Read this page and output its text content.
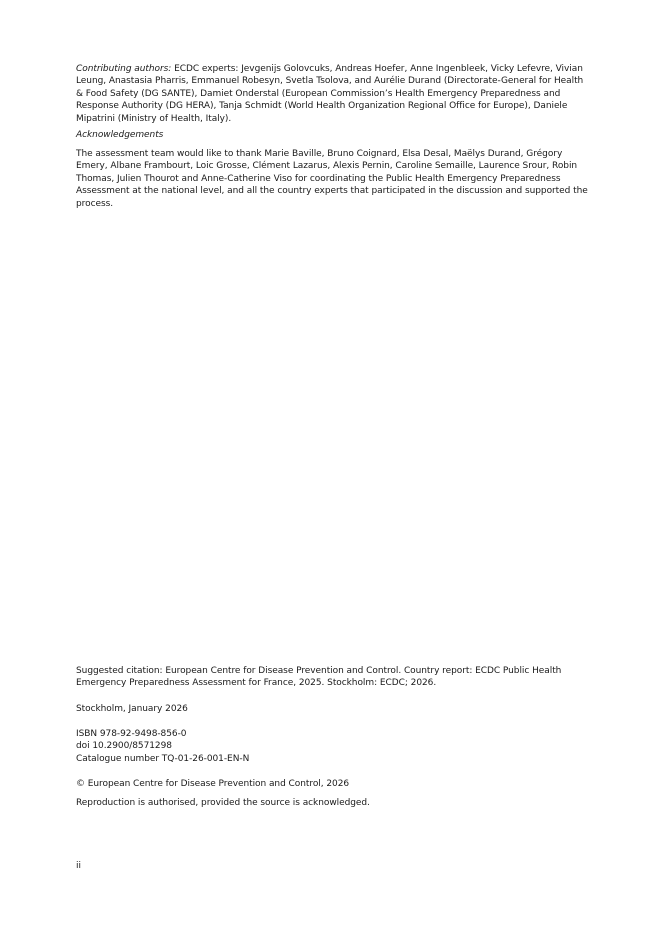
Contributing authors: ECDC experts: Jevgenijs Golovcuks, Andreas Hoefer, Anne Ingenbleek, Vicky Lefevre, Vivian Leung, Anastasia Pharris, Emmanuel Robesyn, Svetla Tsolova, and Aurélie Durand (Directorate-General for Health & Food Safety (DG SANTE), Damiet Onderstal (European Commission’s Health Emergency Preparedness and Response Authority (DG HERA), Tanja Schmidt (World Health Organization Regional Office for Europe), Daniele Mipatrini (Ministry of Health, Italy).
Acknowledgements
The assessment team would like to thank Marie Baville, Bruno Coignard, Elsa Desal, Maëlys Durand, Grégory Emery, Albane Frambourt, Loic Grosse, Clément Lazarus, Alexis Pernin, Caroline Semaille, Laurence Srour, Robin Thomas, Julien Thourot and Anne-Catherine Viso for coordinating the Public Health Emergency Preparedness Assessment at the national level, and all the country experts that participated in the discussion and supported the process.
Suggested citation: European Centre for Disease Prevention and Control. Country report: ECDC Public Health Emergency Preparedness Assessment for France, 2025. Stockholm: ECDC; 2026.
Stockholm, January 2026
ISBN 978-92-9498-856-0
doi 10.2900/8571298
Catalogue number TQ-01-26-001-EN-N
© European Centre for Disease Prevention and Control, 2026
Reproduction is authorised, provided the source is acknowledged.
ii
